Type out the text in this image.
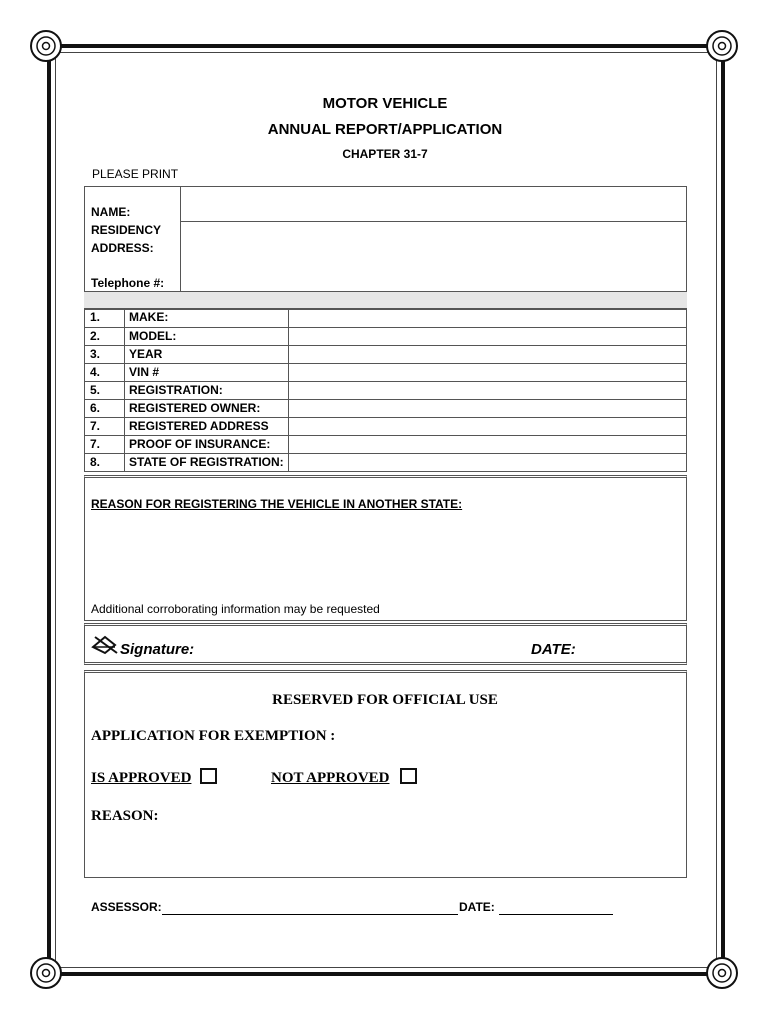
MOTOR VEHICLE
ANNUAL REPORT/APPLICATION
CHAPTER 31-7
PLEASE PRINT
NAME:
RESIDENCY
ADDRESS:
Telephone #:
1. MAKE:
2. MODEL:
3. YEAR
4. VIN #
5. REGISTRATION:
6. REGISTERED OWNER:
7. REGISTERED ADDRESS
7. PROOF OF INSURANCE:
8. STATE OF REGISTRATION:
REASON FOR REGISTERING THE VEHICLE IN ANOTHER STATE:
Additional corroborating information may be requested
Signature:	DATE:
RESERVED FOR OFFICIAL USE
APPLICATION FOR EXEMPTION :
IS APPROVED	NOT APPROVED
REASON:
ASSESSOR:	DATE:
